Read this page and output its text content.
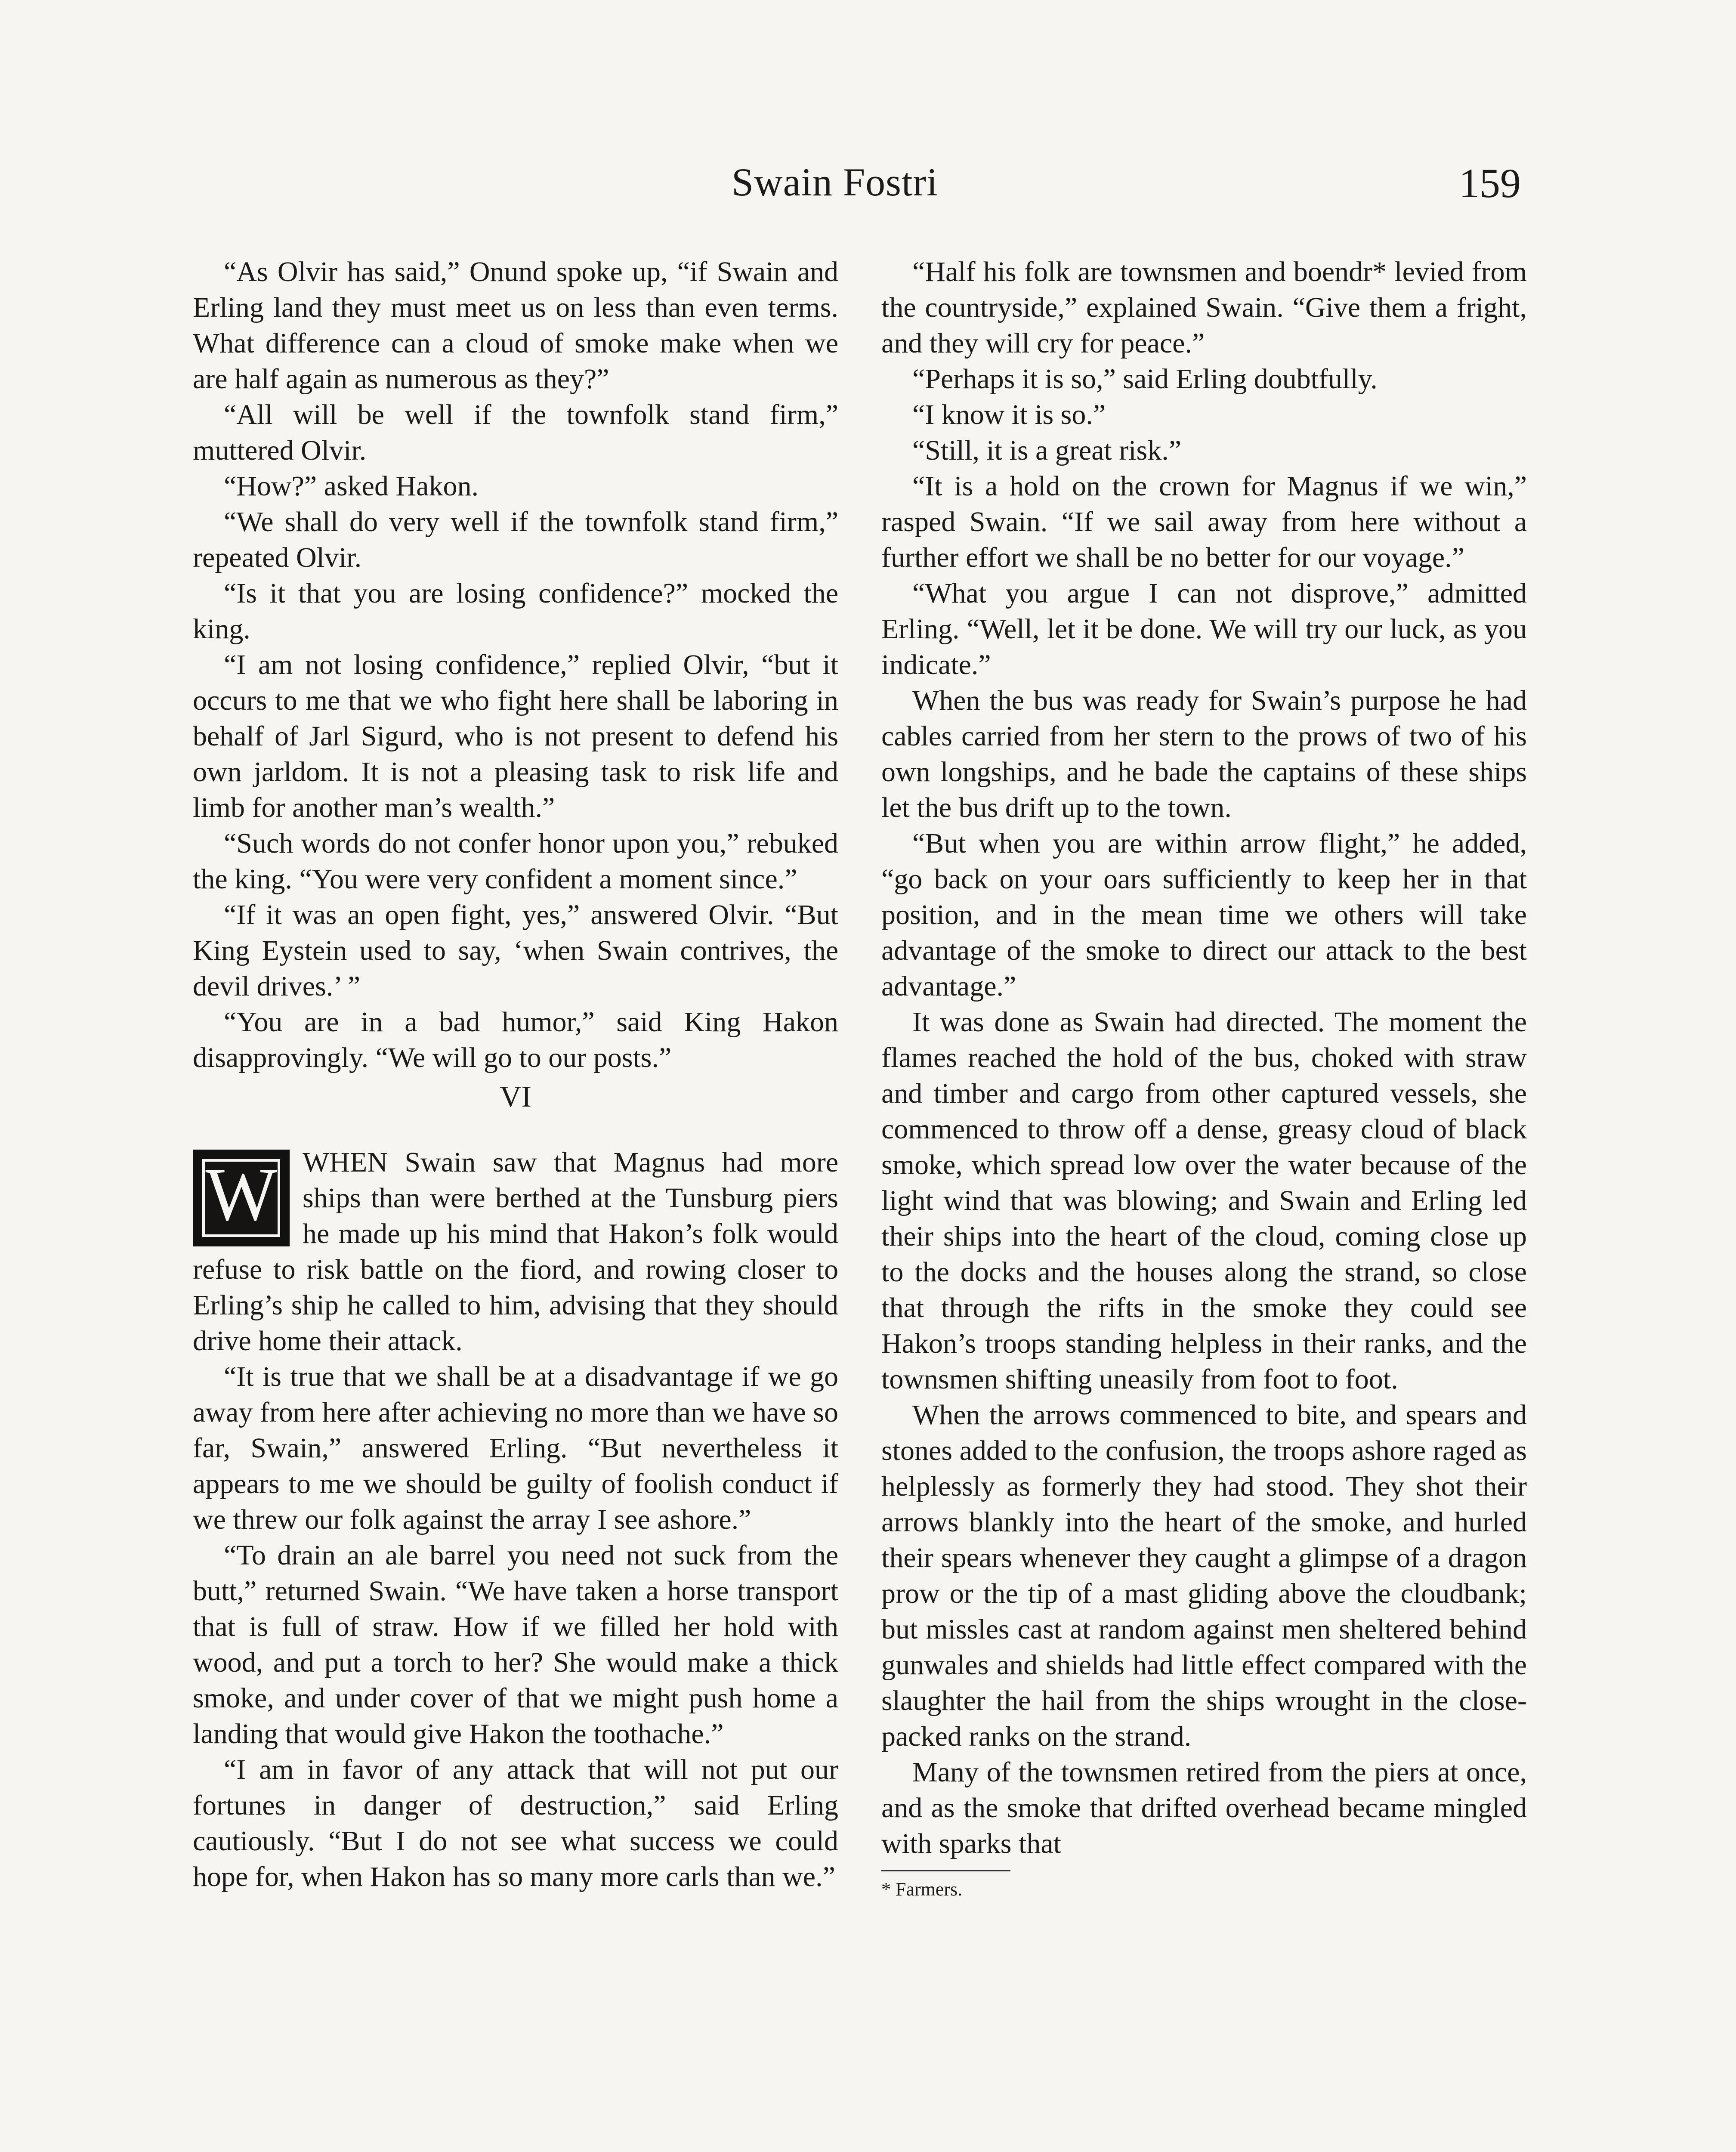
Swain Fostri	159

“As Olvir has said,” Onund spoke up, “if Swain and Erling land they must meet us on less than even terms. What difference can a cloud of smoke make when we are half again as numerous as they?”

“All will be well if the townfolk stand firm,” muttered Olvir.

“How?” asked Hakon.

“We shall do very well if the townfolk stand firm,” repeated Olvir.

“Is it that you are losing confidence?” mocked the king.

“I am not losing confidence,” replied Olvir, “but it occurs to me that we who fight here shall be laboring in behalf of Jarl Sigurd, who is not present to defend his own jarldom. It is not a pleasing task to risk life and limb for another man’s wealth.”

“Such words do not confer honor upon you,” rebuked the king. “You were very confident a moment since.”

“If it was an open fight, yes,” answered Olvir. “But King Eystein used to say, ‘when Swain contrives, the devil drives.’ ”

“You are in a bad humor,” said King Hakon disapprovingly. “We will go to our posts.”

VI

W WHEN Swain saw that Magnus had more ships than were berthed at the Tunsburg piers he made up his mind that Hakon’s folk would refuse to risk battle on the fiord, and rowing closer to Erling’s ship he called to him, advising that they should drive home their attack.

“It is true that we shall be at a disadvantage if we go away from here after achieving no more than we have so far, Swain,” answered Erling. “But nevertheless it appears to me we should be guilty of foolish conduct if we threw our folk against the array I see ashore.”

“To drain an ale barrel you need not suck from the butt,” returned Swain. “We have taken a horse transport that is full of straw. How if we filled her hold with wood, and put a torch to her? She would make a thick smoke, and under cover of that we might push home a landing that would give Hakon the toothache.”

“I am in favor of any attack that will not put our fortunes in danger of destruction,” said Erling cautiously. “But I do not see what success we could hope for, when Hakon has so many more carls than we.”

“Half his folk are townsmen and boendr* levied from the countryside,” explained Swain. “Give them a fright, and they will cry for peace.”

“Perhaps it is so,” said Erling doubtfully.

“I know it is so.”

“Still, it is a great risk.”

“It is a hold on the crown for Magnus if we win,” rasped Swain. “If we sail away from here without a further effort we shall be no better for our voyage.”

“What you argue I can not disprove,” admitted Erling. “Well, let it be done. We will try our luck, as you indicate.”

When the bus was ready for Swain’s purpose he had cables carried from her stern to the prows of two of his own longships, and he bade the captains of these ships let the bus drift up to the town.

“But when you are within arrow flight,” he added, “go back on your oars sufficiently to keep her in that position, and in the mean time we others will take advantage of the smoke to direct our attack to the best advantage.”

It was done as Swain had directed. The moment the flames reached the hold of the bus, choked with straw and timber and cargo from other captured vessels, she commenced to throw off a dense, greasy cloud of black smoke, which spread low over the water because of the light wind that was blowing; and Swain and Erling led their ships into the heart of the cloud, coming close up to the docks and the houses along the strand, so close that through the rifts in the smoke they could see Hakon’s troops standing helpless in their ranks, and the townsmen shifting uneasily from foot to foot.

When the arrows commenced to bite, and spears and stones added to the confusion, the troops ashore raged as helplessly as formerly they had stood. They shot their arrows blankly into the heart of the smoke, and hurled their spears whenever they caught a glimpse of a dragon prow or the tip of a mast gliding above the cloudbank; but missles cast at random against men sheltered behind gunwales and shields had little effect compared with the slaughter the hail from the ships wrought in the close-packed ranks on the strand.

Many of the townsmen retired from the piers at once, and as the smoke that drifted overhead became mingled with sparks that

* Farmers.
